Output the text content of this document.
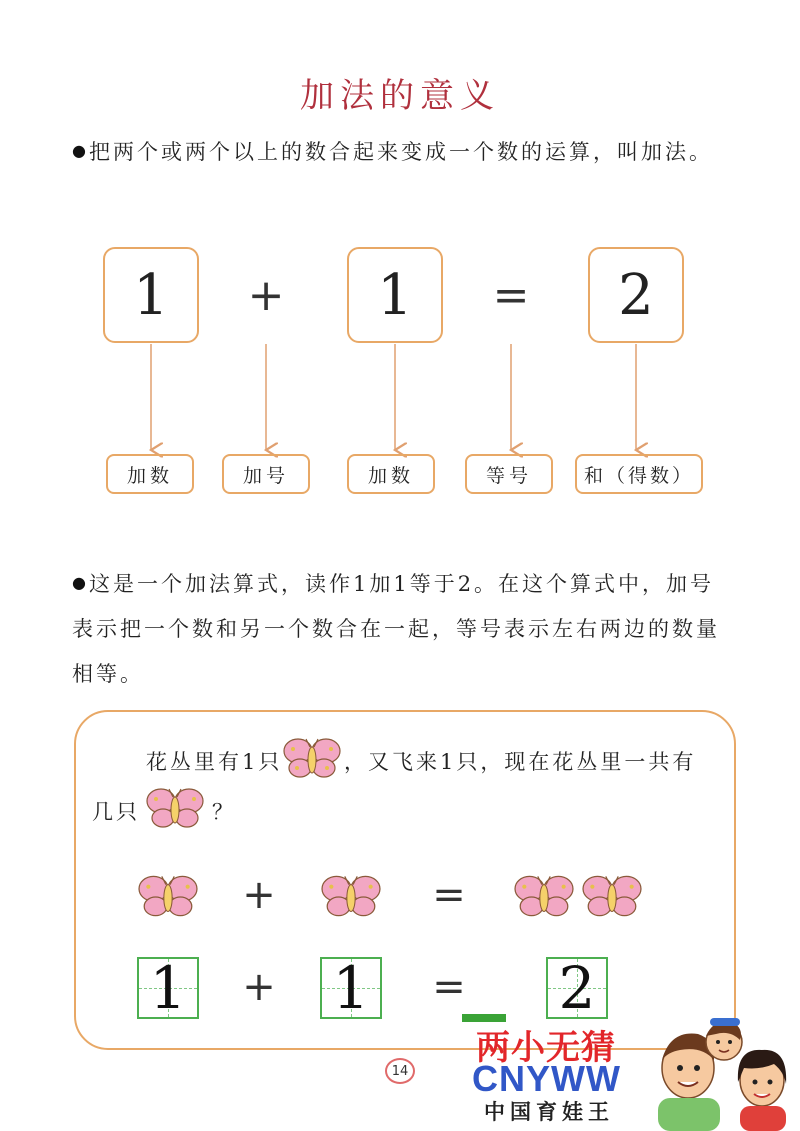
加法的意义
●把两个或两个以上的数合起来变成一个数的运算，叫加法。
1	+	1	=	2
加数	加号	加数	等号	和（得数）
●这是一个加法算式，读作1加1等于2。在这个算式中，加号表示把一个数和另一个数合在一起，等号表示左右两边的数量相等。
花丛里有1只	，又飞来1只，现在花丛里一共有
几只	？
+	=
1 + 1 = 2
14
两小无猜
CNYWW
中国育娃王
